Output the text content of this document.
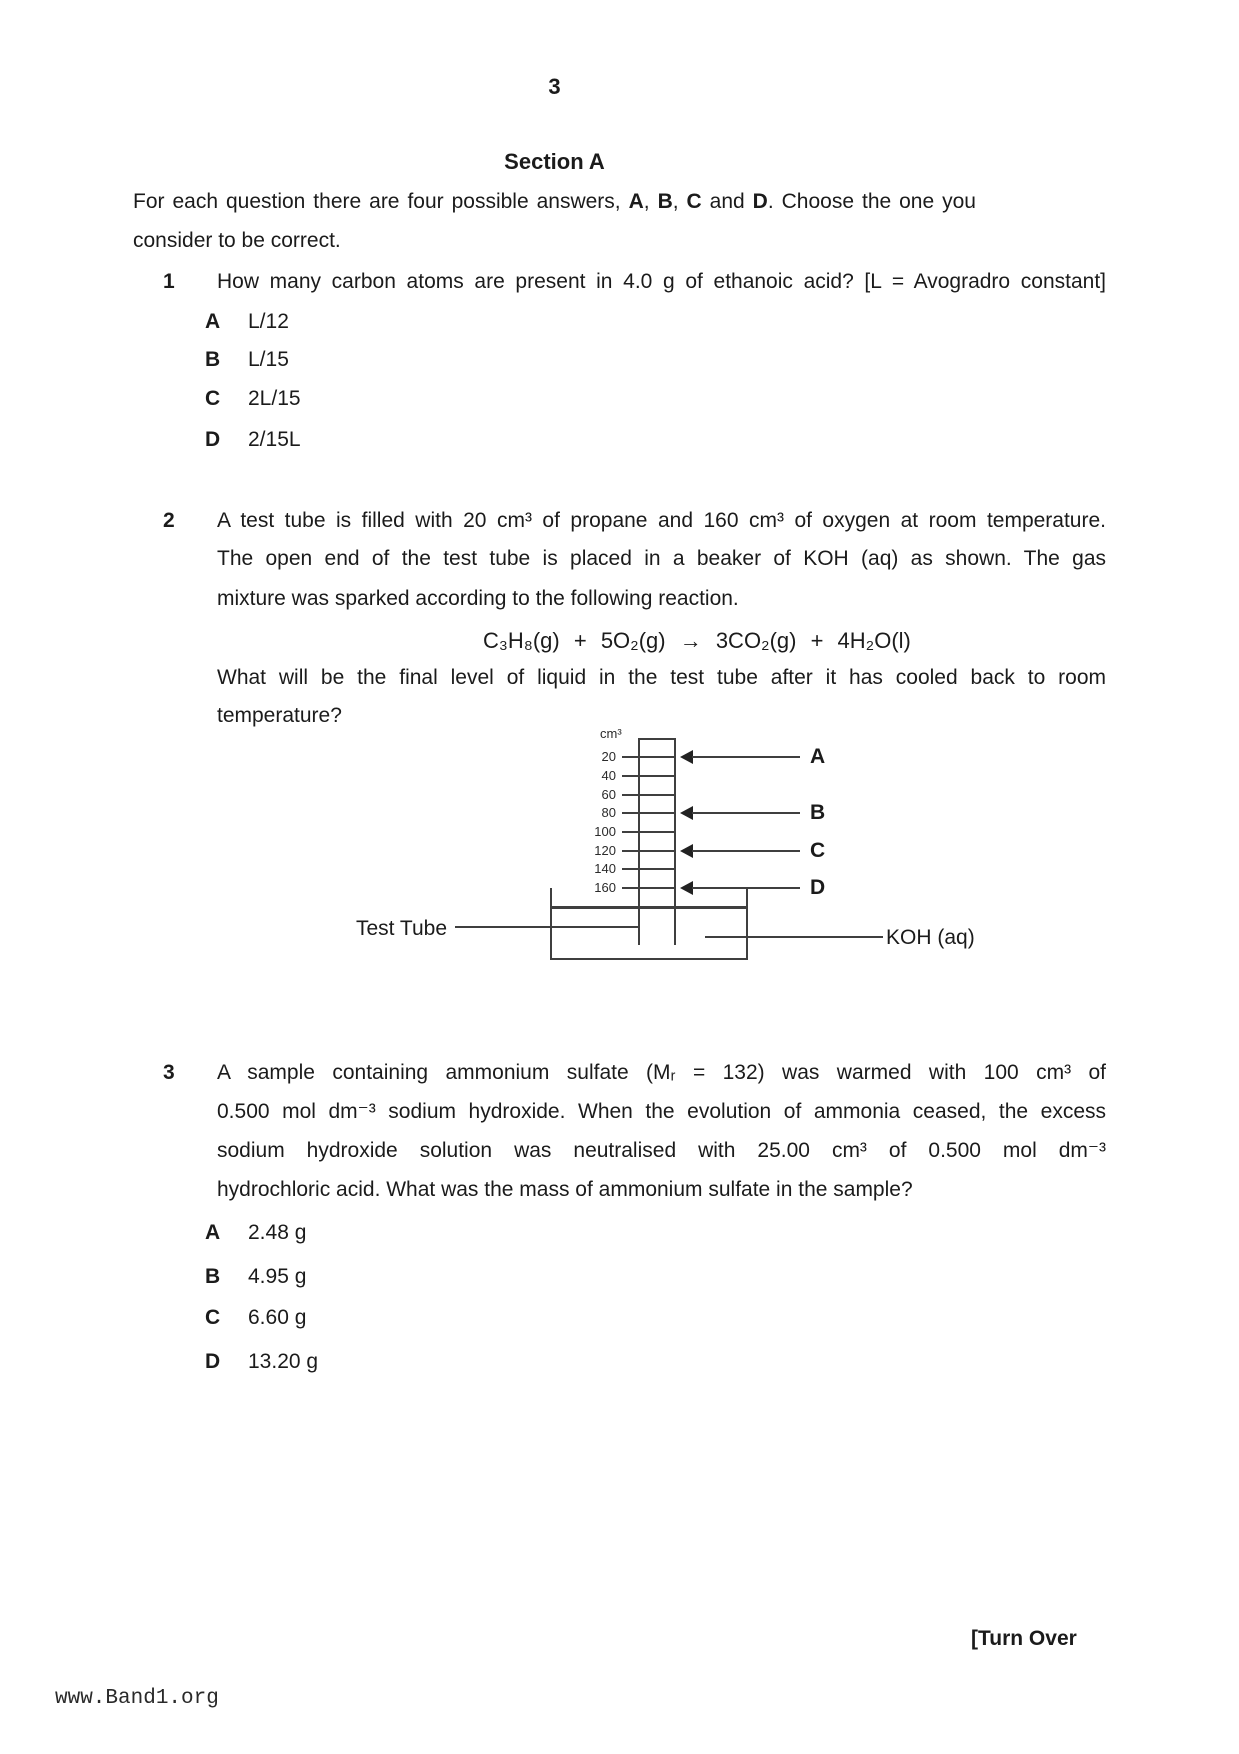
3
Section A
For each question there are four possible answers, A, B, C and D. Choose the one you
consider to be correct.
1	How many carbon atoms are present in 4.0 g of ethanoic acid? [L = Avogradro constant]
A L/12
B L/15
C 2L/15
D 2/15L
2	A test tube is filled with 20 cm³ of propane and 160 cm³ of oxygen at room temperature.
The open end of the test tube is placed in a beaker of KOH (aq) as shown. The gas
mixture was sparked according to the following reaction.
C₃H₈(g) + 5O₂(g) → 3CO₂(g) + 4H₂O(l)
What will be the final level of liquid in the test tube after it has cooled back to room
temperature?
cm³
20
40
60
80
100
120
140
160
A
B
C
D
Test Tube	KOH (aq)
3	A sample containing ammonium sulfate (Mᵣ = 132) was warmed with 100 cm³ of
0.500 mol dm⁻³ sodium hydroxide. When the evolution of ammonia ceased, the excess
sodium hydroxide solution was neutralised with 25.00 cm³ of 0.500 mol dm⁻³
hydrochloric acid. What was the mass of ammonium sulfate in the sample?
A 2.48 g
B 4.95 g
C 6.60 g
D 13.20 g
[Turn Over
www.Band1.org
